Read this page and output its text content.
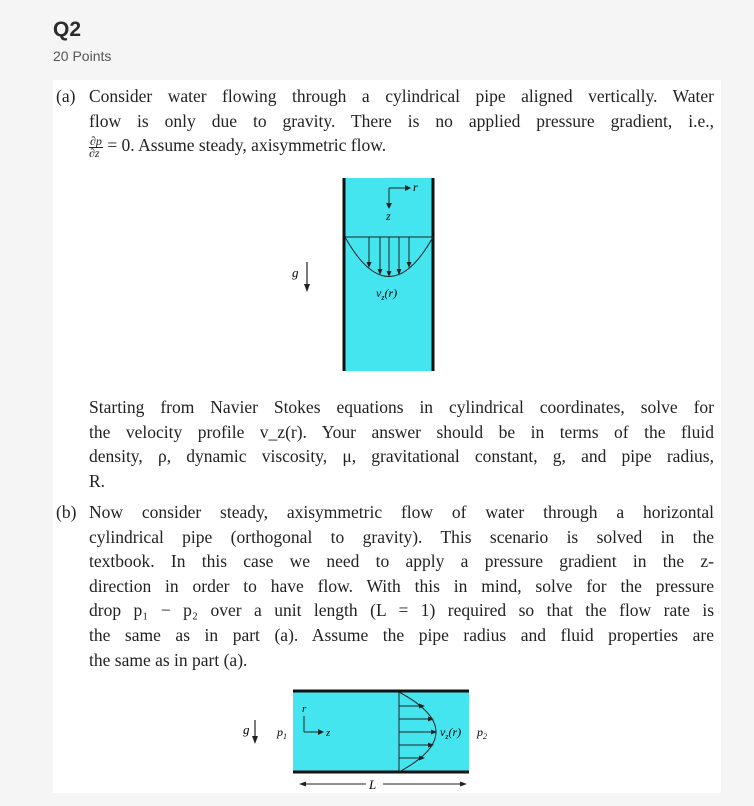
Q2
20 Points
(a) Consider water flowing through a cylindrical pipe aligned vertically. Water
flow is only due to gravity. There is no applied pressure gradient, i.e.,
$\frac{\partial p}{\partial z} = 0$. Assume steady, axisymmetric flow.
r
z
$v_z(r)$
g
Starting from Navier Stokes equations in cylindrical coordinates, solve for
the velocity profile v_z(r). Your answer should be in terms of the fluid
density, ρ, dynamic viscosity, μ, gravitational constant, g, and pipe radius,
R.
(b) Now consider steady, axisymmetric flow of water through a horizontal
cylindrical pipe (orthogonal to gravity). This scenario is solved in the
textbook. In this case we need to apply a pressure gradient in the z-
direction in order to have flow. With this in mind, solve for the pressure
drop p₁ − p₂ over a unit length (L = 1) required so that the flow rate is
the same as in part (a). Assume the pipe radius and fluid properties are
the same as in part (a).
g $p_1$
r
z	$v_z(r)$ $p_2$
L
